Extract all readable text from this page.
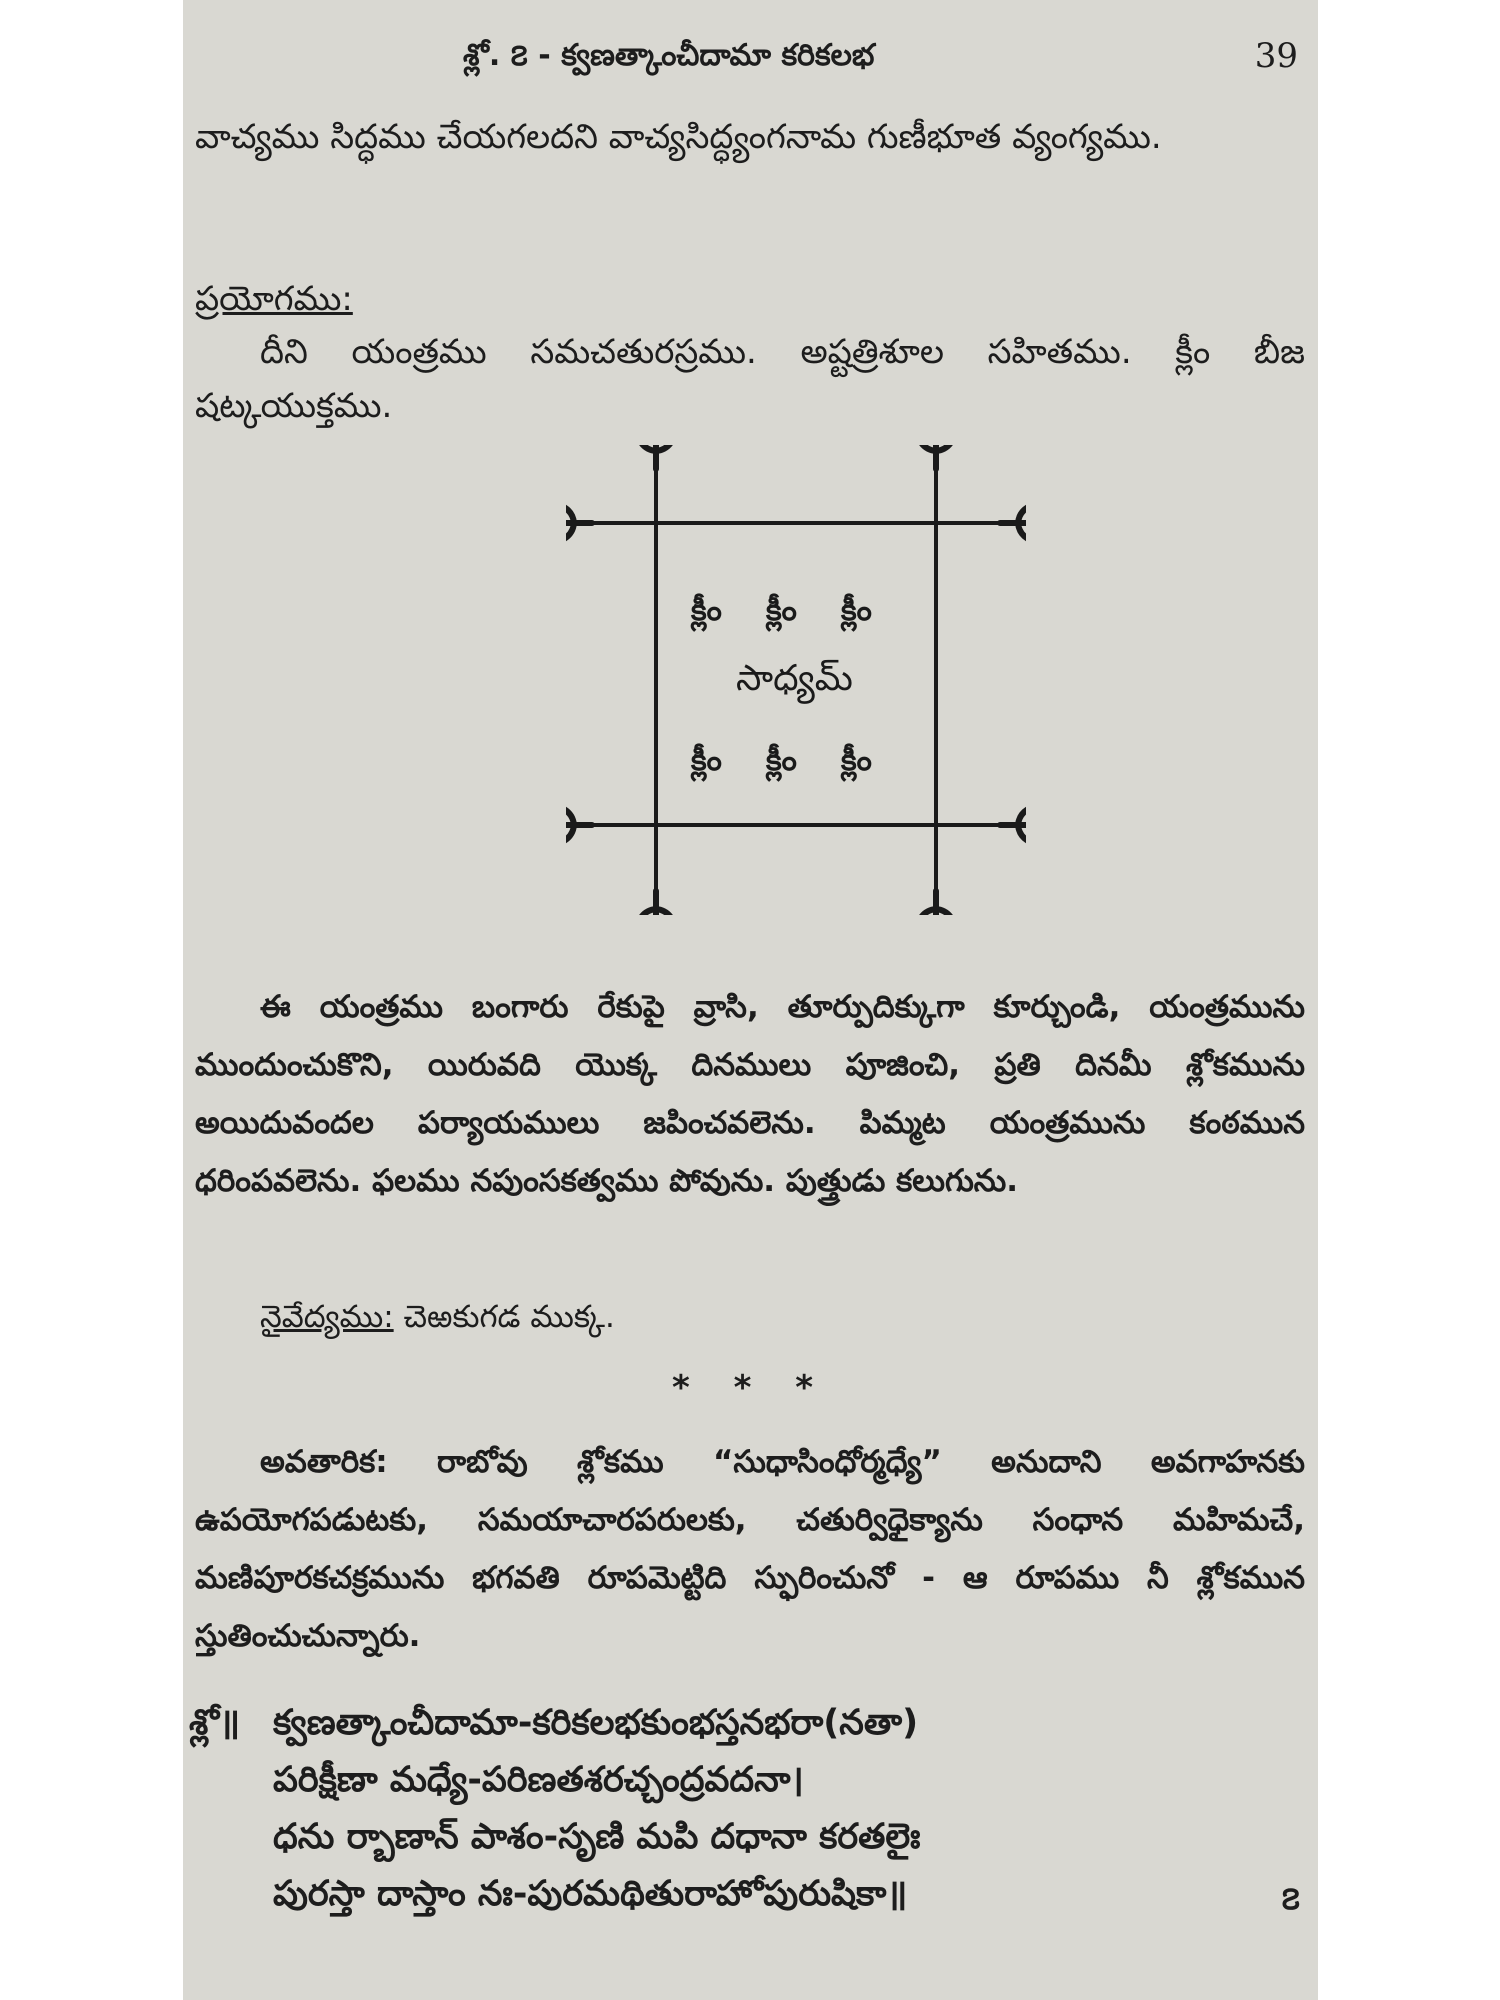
శ్లో. ౭ - క్వణత్కాంచీదామా కరికలభ	39
వాచ్యము సిద్ధము చేయగలదని వాచ్యసిద్ధ్యంగనామ గుణీభూత వ్యంగ్యము.
ప్రయోగము:
దీని యంత్రము సమచతురస్రము. అష్టత్రిశూల సహితము. క్లీం బీజ షట్కయుక్తము.
క్లీం క్లీం క్లీం
సాధ్యమ్
క్లీం క్లీం క్లీం
ఈ యంత్రము బంగారు రేకుపై వ్రాసి, తూర్పుదిక్కుగా కూర్చుండి, యంత్రమును ముందుంచుకొని, యిరువది యొక్క దినములు పూజించి, ప్రతి దినమీ శ్లోకమును అయిదువందల పర్యాయములు జపించవలెను. పిమ్మట యంత్రమును కంఠమున ధరింపవలెను. ఫలము నపుంసకత్వము పోవును. పుత్త్రుడు కలుగును.
నైవేద్యము: చెఱకుగడ ముక్క.
* * *
అవతారిక: రాబోవు శ్లోకము “సుధాసింధోర్మధ్యే” అనుదాని అవగాహనకు ఉపయోగపడుటకు, సమయాచారపరులకు, చతుర్విధైక్యాను సంధాన మహిమచే, మణిపూరకచక్రమును భగవతి రూపమెట్టిది స్ఫురించునో - ఆ రూపము నీ శ్లోకమున స్తుతించుచున్నారు.
శ్లో॥ క్వణత్కాంచీదామా-కరికలభకుంభస్తనభరా(నతా)
పరిక్షీణా మధ్యే-పరిణతశరచ్చంద్రవదనా।
ధను ర్బాణాన్ పాశం-సృణి మపి దధానా కరతలైః
పురస్తా దాస్తాం నః-పురమథితురాహోపురుషికా॥	౭
